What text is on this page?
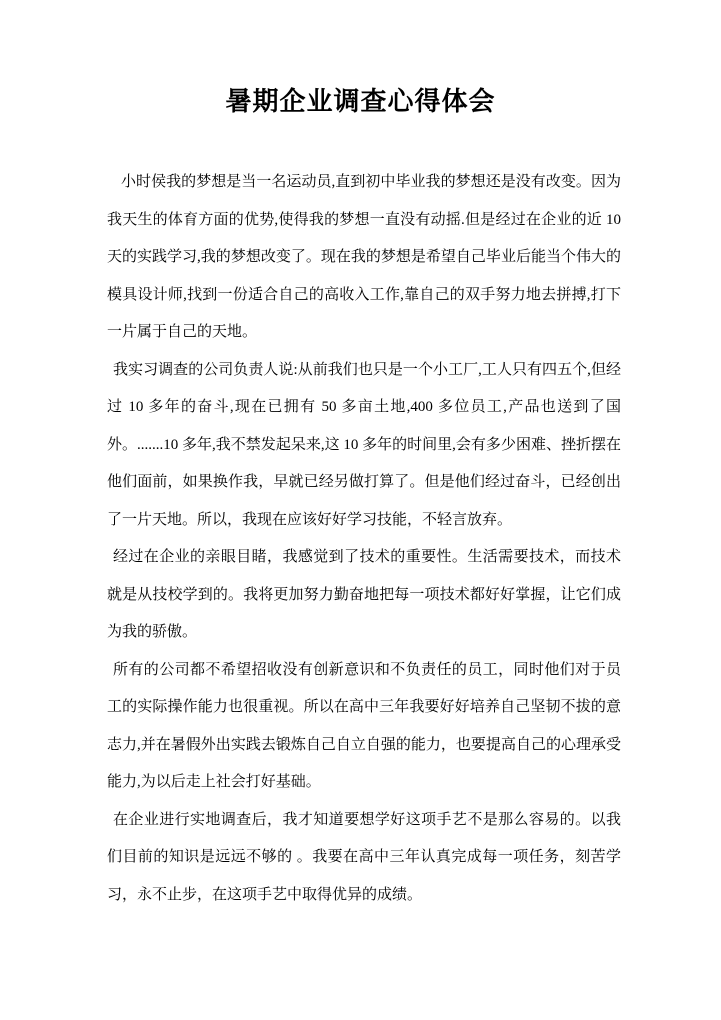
暑期企业调查心得体会

小时侯我的梦想是当一名运动员,直到初中毕业我的梦想还是没有改变。因为我天生的体育方面的优势,使得我的梦想一直没有动摇.但是经过在企业的近 10 天的实践学习,我的梦想改变了。现在我的梦想是希望自己毕业后能当个伟大的模具设计师,找到一份适合自己的高收入工作,靠自己的双手努力地去拼搏,打下一片属于自己的天地。

我实习调查的公司负责人说:从前我们也只是一个小工厂,工人只有四五个,但经过 10 多年的奋斗,现在已拥有 50 多亩土地,400 多位员工,产品也送到了国外。.......10 多年,我不禁发起呆来,这 10 多年的时间里,会有多少困难、挫折摆在他们面前，如果换作我，早就已经另做打算了。但是他们经过奋斗，已经创出了一片天地。所以，我现在应该好好学习技能，不轻言放弃。

经过在企业的亲眼目睹，我感觉到了技术的重要性。生活需要技术，而技术就是从技校学到的。我将更加努力勤奋地把每一项技术都好好掌握，让它们成为我的骄傲。

所有的公司都不希望招收没有创新意识和不负责任的员工，同时他们对于员工的实际操作能力也很重视。所以在高中三年我要好好培养自己坚韧不拔的意志力,并在暑假外出实践去锻炼自己自立自强的能力，也要提高自己的心理承受能力,为以后走上社会打好基础。

在企业进行实地调查后，我才知道要想学好这项手艺不是那么容易的。以我们目前的知识是远远不够的 。我要在高中三年认真完成每一项任务，刻苦学习，永不止步，在这项手艺中取得优异的成绩。
